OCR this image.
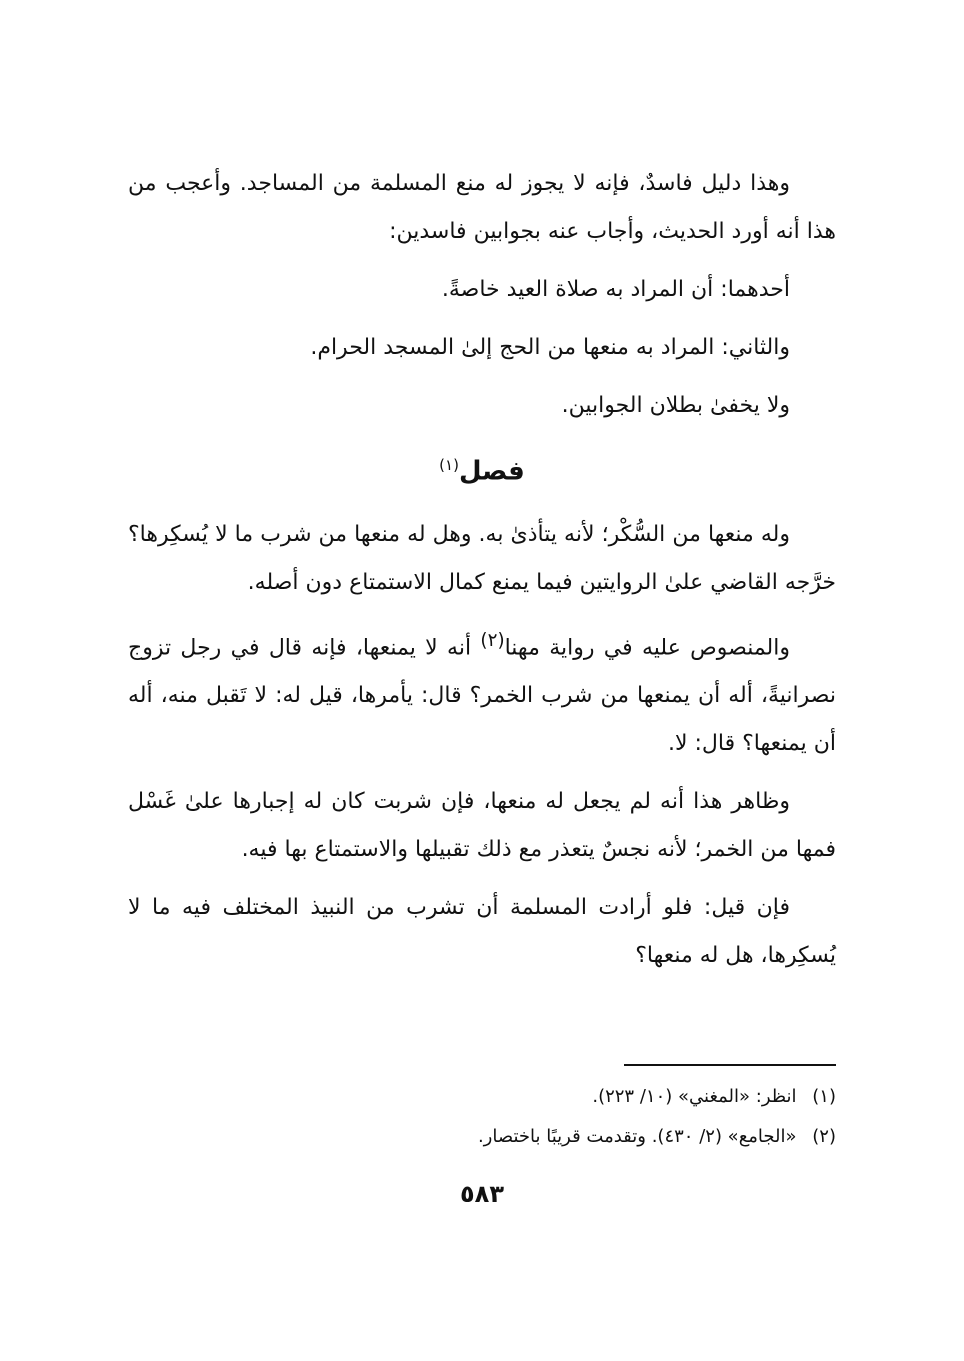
وهذا دليل فاسدٌ، فإنه لا يجوز له منع المسلمة من المساجد. وأعجب من هذا أنه أورد الحديث، وأجاب عنه بجوابين فاسدين:

أحدهما: أن المراد به صلاة العيد خاصةً.

والثاني: المراد به منعها من الحج إلىٰ المسجد الحرام.

ولا يخفىٰ بطلان الجوابين.

فصل$^{(١)}$

وله منعها من السُّكْر؛ لأنه يتأذىٰ به. وهل له منعها من شرب ما لا يُسكِرها؟ خرَّجه القاضي علىٰ الروايتين فيما يمنع كمال الاستمتاع دون أصله.

والمنصوص عليه في رواية مهنا$^{(٢)}$ أنه لا يمنعها، فإنه قال في رجل تزوج نصرانيةً، أله أن يمنعها من شرب الخمر؟ قال: يأمرها، قيل له: لا تَقبل منه، أله أن يمنعها؟ قال: لا.

وظاهر هذا أنه لم يجعل له منعها، فإن شربت كان له إجبارها علىٰ غَسْل فمها من الخمر؛ لأنه نجسٌ يتعذر مع ذلك تقبيلها والاستمتاع بها فيه.

فإن قيل: فلو أرادت المسلمة أن تشرب من النبيذ المختلف فيه ما لا يُسكِرها، هل له منعها؟

(١) انظر: «المغني» (١٠/ ٢٢٣).

(٢) «الجامع» (٢/ ٤٣٠). وتقدمت قريبًا باختصار.

٥٨٣
